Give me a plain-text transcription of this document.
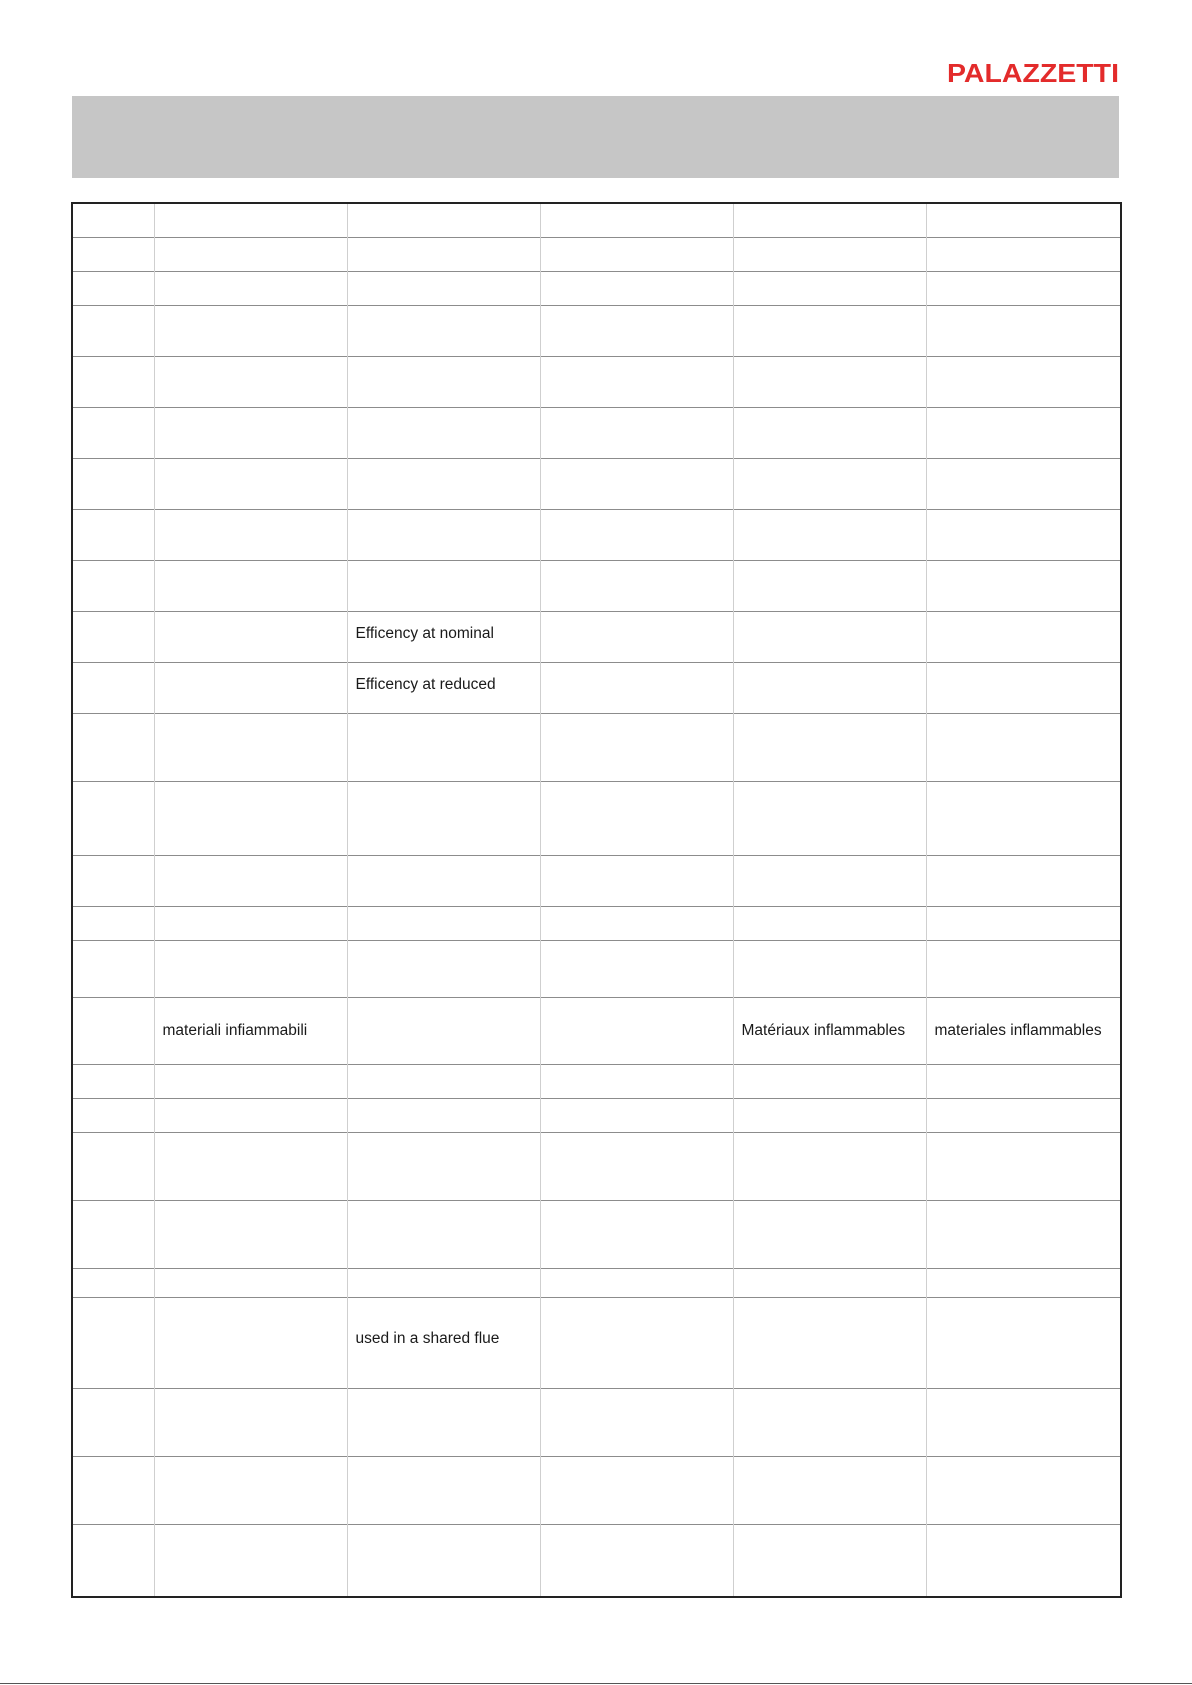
PALAZZETTI

		Efficency at nominal			
		Efficency at reduced			

	materiali infiammabili			Matériaux inflammables	materiales inflammables

		used in a shared flue			
